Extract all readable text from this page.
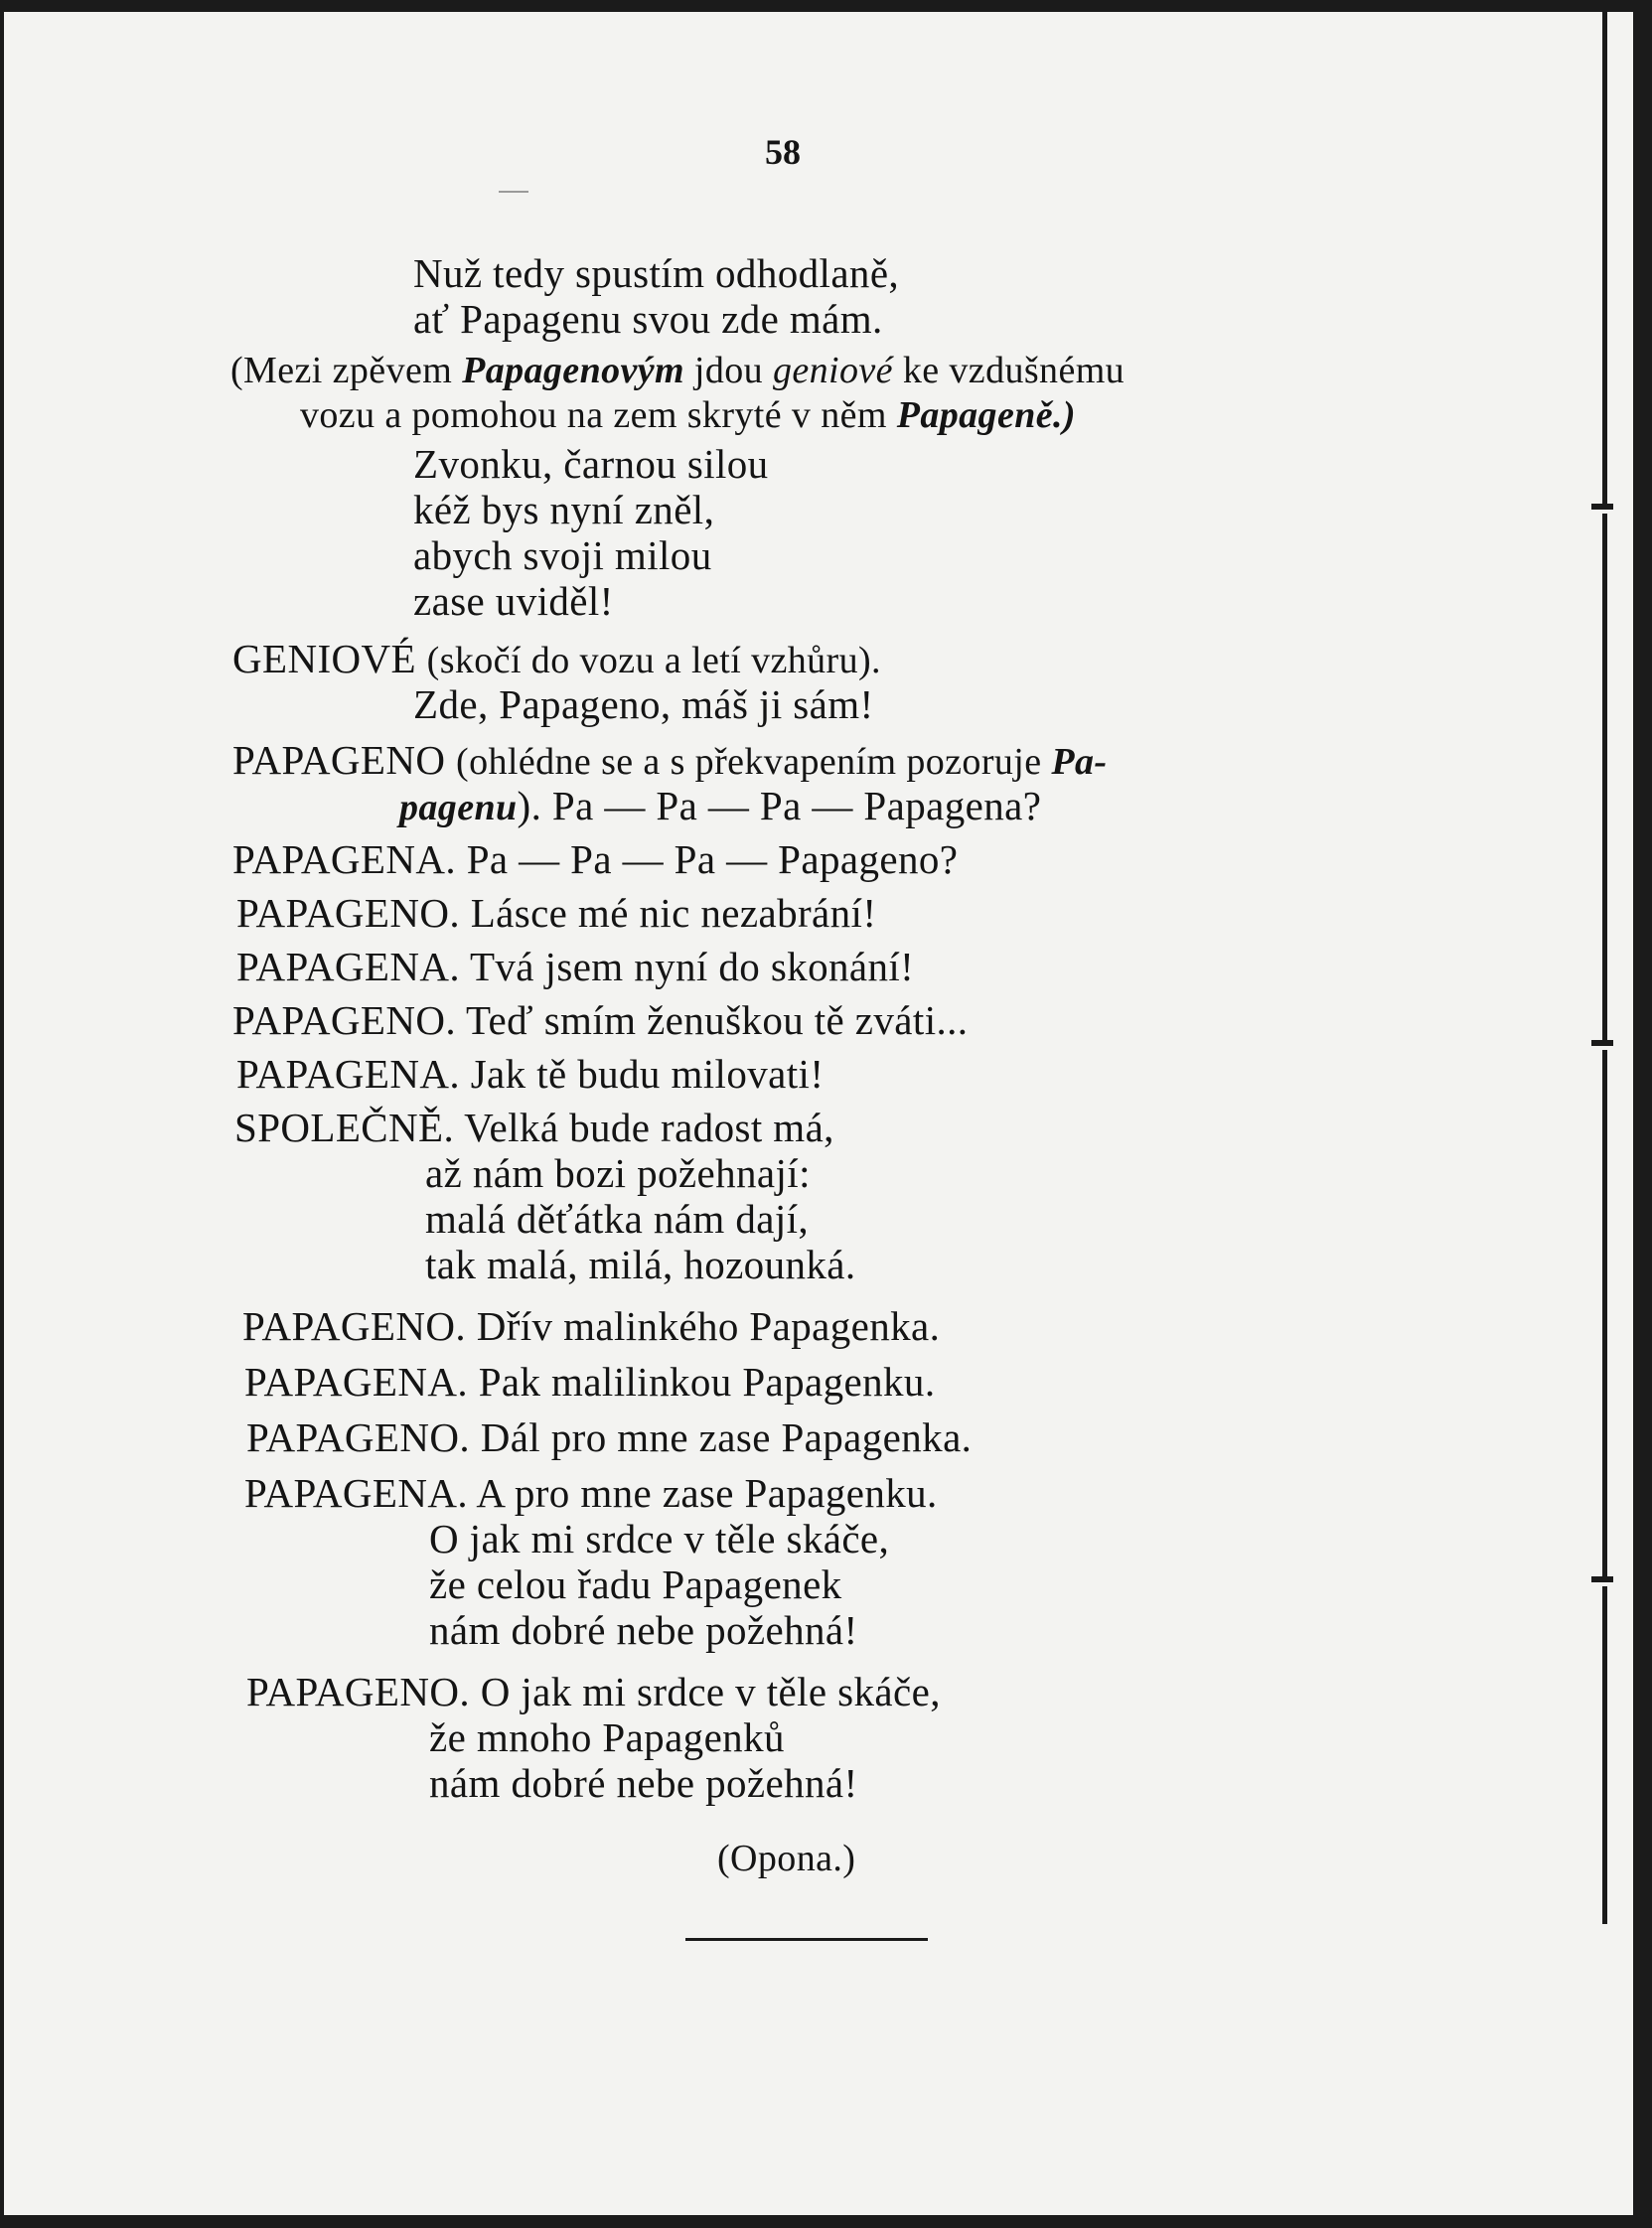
58
Nuž tedy spustím odhodlaně,
ať Papagenu svou zde mám.
(Mezi zpěvem Papagenovým jdou geniové ke vzdušnému
vozu a pomohou na zem skryté v něm Papageně.)
Zvonku, čarnou silou
kéž bys nyní zněl,
abych svoji milou
zase uviděl!
GENIOVÉ (skočí do vozu a letí vzhůru).
Zde, Papageno, máš ji sám!
PAPAGENO (ohlédne se a s překvapením pozoruje Pa-
pagenu). Pa — Pa — Pa — Papagena?
PAPAGENA. Pa — Pa — Pa — Papageno?
PAPAGENO. Lásce mé nic nezabrání!
PAPAGENA. Tvá jsem nyní do skonání!
PAPAGENO. Teď smím ženuškou tě zváti...
PAPAGENA. Jak tě budu milovati!
SPOLEČNĚ. Velká bude radost má,
až nám bozi požehnají:
malá děťátka nám dají,
tak malá, milá, hozounká.
PAPAGENO. Dřív malinkého Papagenka.
PAPAGENA. Pak malilinkou Papagenku.
PAPAGENO. Dál pro mne zase Papagenka.
PAPAGENA. A pro mne zase Papagenku.
O jak mi srdce v těle skáče,
že celou řadu Papagenek
nám dobré nebe požehná!
PAPAGENO. O jak mi srdce v těle skáče,
že mnoho Papagenků
nám dobré nebe požehná!
(Opona.)
